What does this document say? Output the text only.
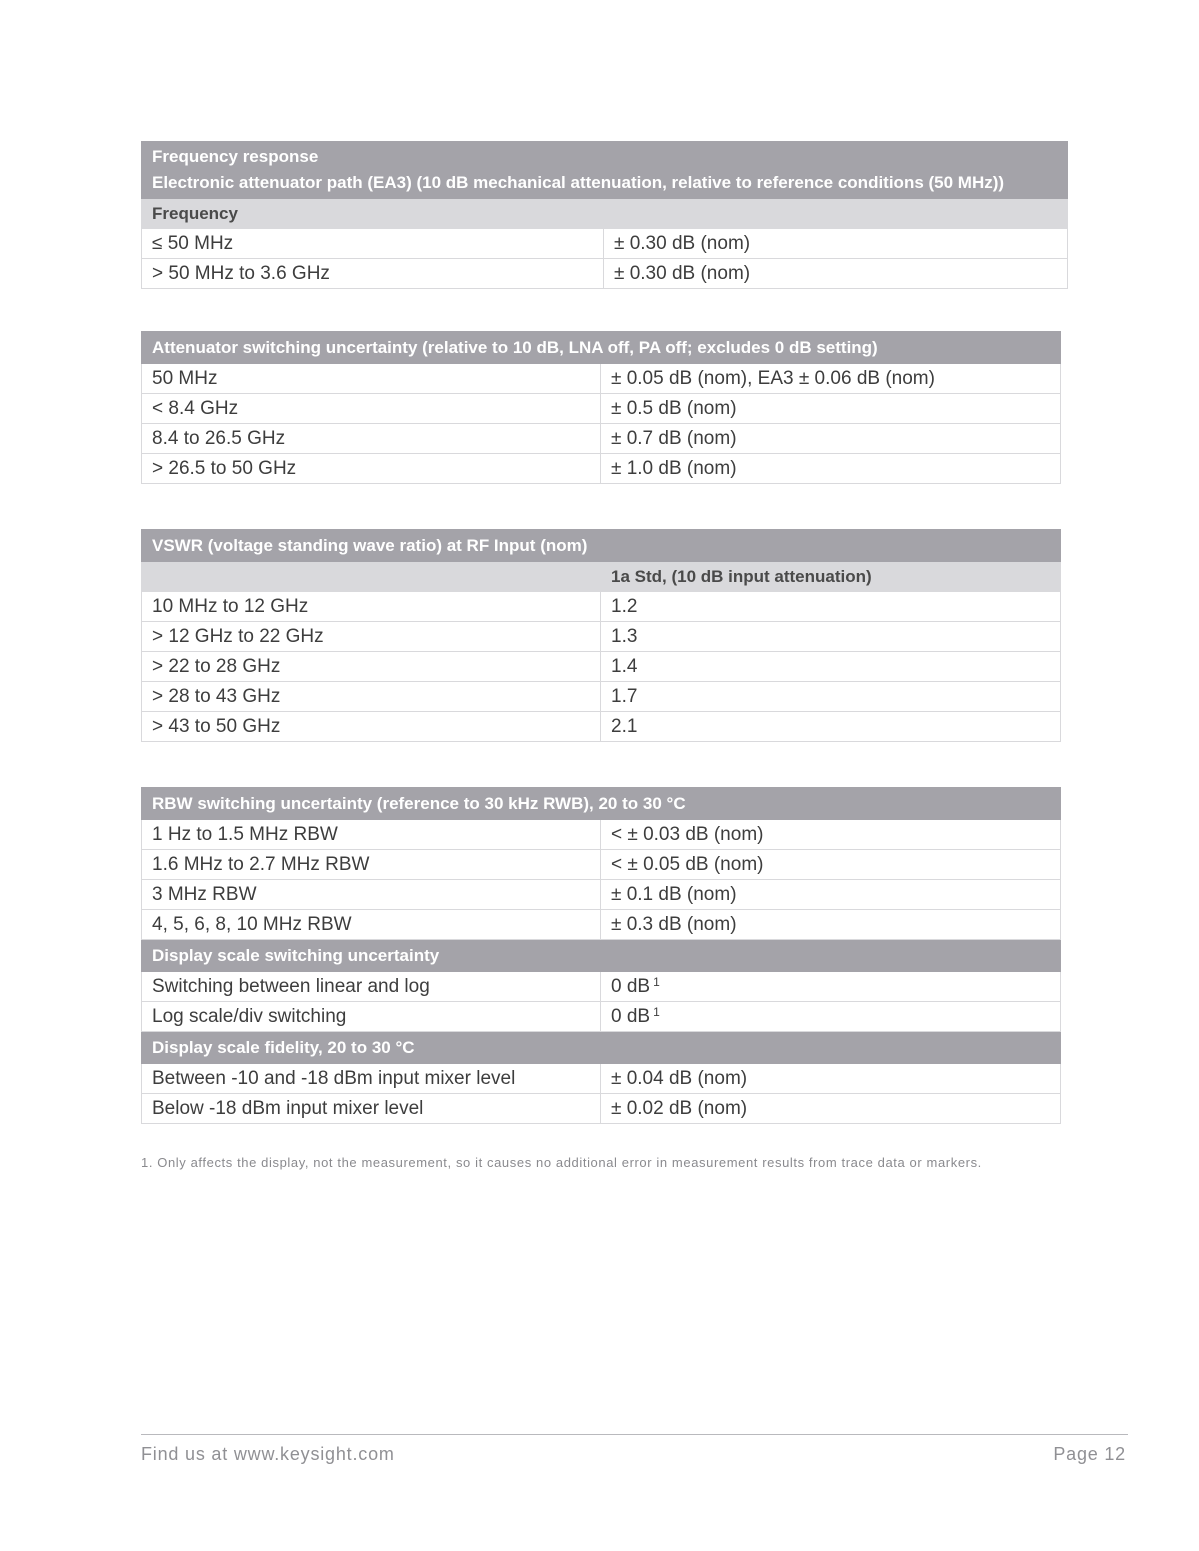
Frequency response
Electronic attenuator path (EA3) (10 dB mechanical attenuation, relative to reference conditions (50 MHz))	

Frequency	
≤ 50 MHz	± 0.30 dB (nom)
> 50 MHz to 3.6 GHz	± 0.30 dB (nom)
Attenuator switching uncertainty (relative to 10 dB, LNA off, PA off; excludes 0 dB setting)	
50 MHz	± 0.05 dB (nom), EA3 ± 0.06 dB (nom)
< 8.4 GHz	± 0.5 dB (nom)
8.4 to 26.5 GHz	± 0.7 dB (nom)
> 26.5 to 50 GHz	± 1.0 dB (nom)
VSWR (voltage standing wave ratio) at RF Input (nom)	
	1a Std, (10 dB input attenuation)
10 MHz to 12 GHz	1.2
> 12 GHz to 22 GHz	1.3
> 22 to 28 GHz	1.4
> 28 to 43 GHz	1.7
> 43 to 50 GHz	2.1
RBW switching uncertainty (reference to 30 kHz RWB), 20 to 30 °C	
1 Hz to 1.5 MHz RBW	< ± 0.03 dB (nom)
1.6 MHz to 2.7 MHz RBW	< ± 0.05 dB (nom)
3 MHz RBW	± 0.1 dB (nom)
4, 5, 6, 8, 10 MHz RBW	± 0.3 dB (nom)
Display scale switching uncertainty	
Switching between linear and log	0 dB $^1$
Log scale/div switching	0 dB $^1$
Display scale fidelity, 20 to 30 °C	
Between -10 and -18 dBm input mixer level	± 0.04 dB (nom)
Below -18 dBm input mixer level	± 0.02 dB (nom)
1. Only affects the display, not the measurement, so it causes no additional error in measurement results from trace data or markers.
Find us at www.keysight.com	Page 12
